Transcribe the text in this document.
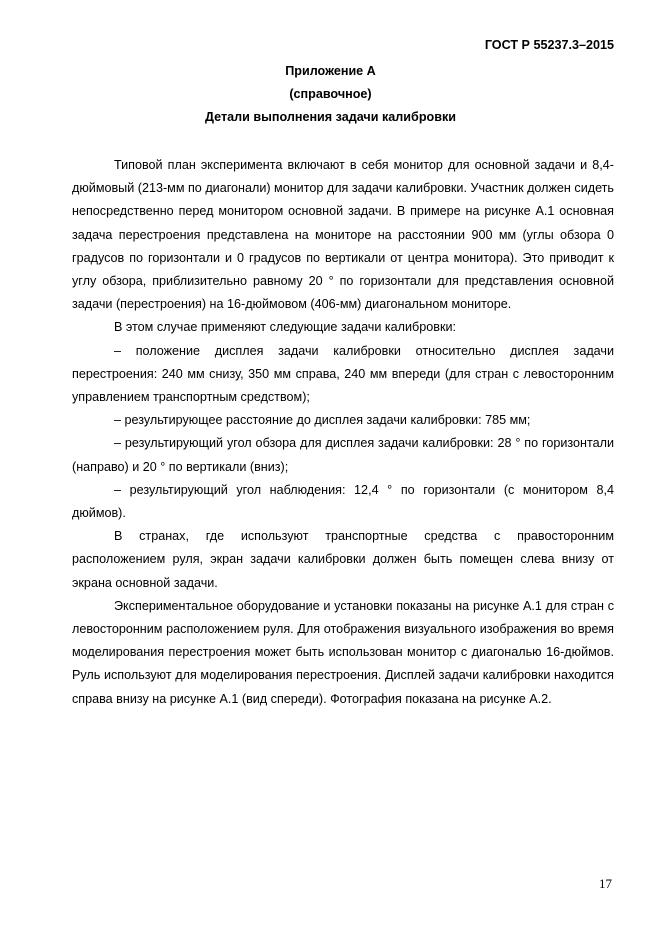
ГОСТ Р 55237.3–2015
Приложение А
(справочное)
Детали выполнения задачи калибровки

Типовой план эксперимента включают в себя монитор для основной задачи и 8,4-дюймовый (213-мм по диагонали) монитор для задачи калибровки. Участник должен сидеть непосредственно перед монитором основной задачи. В примере на рисунке А.1 основная задача перестроения представлена на мониторе на расстоянии 900 мм (углы обзора 0 градусов по горизонтали и 0 градусов по вертикали от центра монитора). Это приводит к углу обзора, приблизительно равному 20 ° по горизонтали для представления основной задачи (перестроения) на 16-дюймовом (406-мм) диагональном мониторе.

В этом случае применяют следующие задачи калибровки:

– положение дисплея задачи калибровки относительно дисплея задачи перестроения: 240 мм снизу, 350 мм справа, 240 мм впереди (для стран с левосторонним управлением транспортным средством);

– результирующее расстояние до дисплея задачи калибровки: 785 мм;

– результирующий угол обзора для дисплея задачи калибровки: 28 ° по горизонтали (направо) и 20 ° по вертикали (вниз);

– результирующий угол наблюдения: 12,4 ° по горизонтали (с монитором 8,4 дюймов).

В странах, где используют транспортные средства с правосторонним расположением руля, экран задачи калибровки должен быть помещен слева внизу от экрана основной задачи.

Экспериментальное оборудование и установки показаны на рисунке А.1 для стран с левосторонним расположением руля. Для отображения визуального изображения во время моделирования перестроения может быть использован монитор с диагональю 16-дюймов. Руль используют для моделирования перестроения. Дисплей задачи калибровки находится справа внизу на рисунке А.1 (вид спереди). Фотография показана на рисунке А.2.

17
